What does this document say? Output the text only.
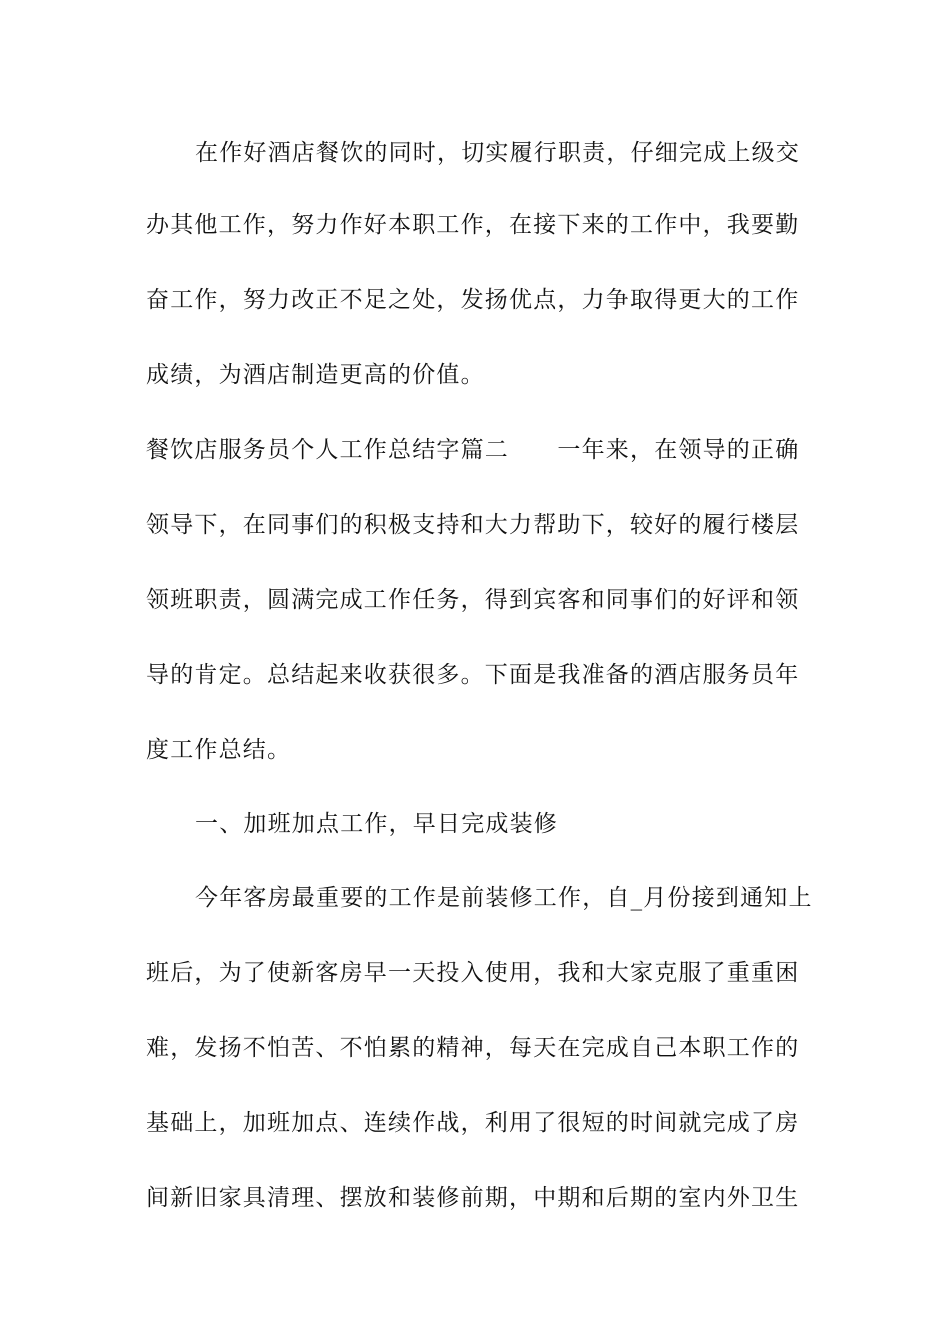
在作好酒店餐饮的同时，切实履行职责，仔细完成上级交
办其他工作，努力作好本职工作，在接下来的工作中，我要勤
奋工作，努力改正不足之处，发扬优点，力争取得更大的工作
成绩，为酒店制造更高的价值。
餐饮店服务员个人工作总结字篇二　　一年来，在领导的正确
领导下，在同事们的积极支持和大力帮助下，较好的履行楼层
领班职责，圆满完成工作任务，得到宾客和同事们的好评和领
导的肯定。总结起来收获很多。下面是我准备的酒店服务员年
度工作总结。
一、加班加点工作，早日完成装修
今年客房最重要的工作是前装修工作，自_月份接到通知上
班后，为了使新客房早一天投入使用，我和大家克服了重重困
难，发扬不怕苦、不怕累的精神，每天在完成自己本职工作的
基础上，加班加点、连续作战，利用了很短的时间就完成了房
间新旧家具清理、摆放和装修前期，中期和后期的室内外卫生
